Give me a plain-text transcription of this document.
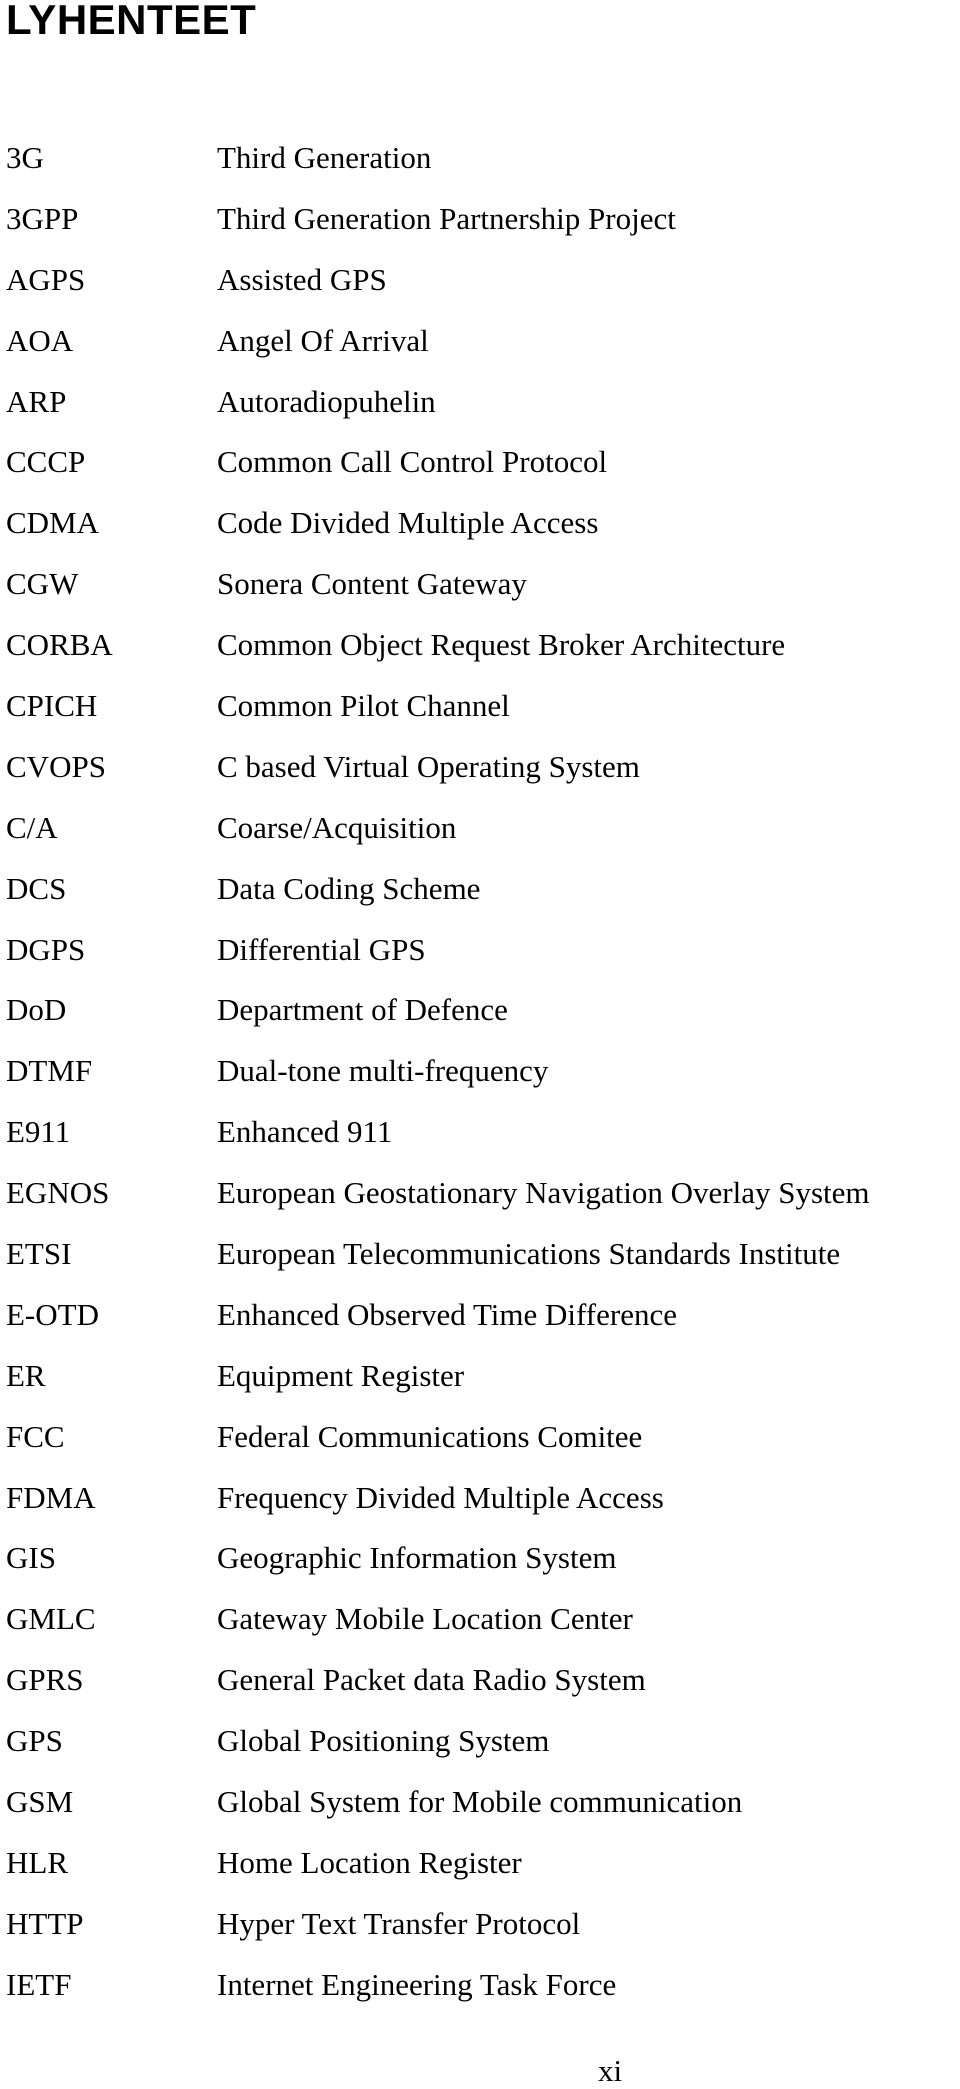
LYHENTEET
3G	Third Generation
3GPP	Third Generation Partnership Project
AGPS	Assisted GPS
AOA	Angel Of Arrival
ARP	Autoradiopuhelin
CCCP	Common Call Control Protocol
CDMA	Code Divided Multiple Access
CGW	Sonera Content Gateway
CORBA	Common Object Request Broker Architecture
CPICH	Common Pilot Channel
CVOPS	C based Virtual Operating System
C/A	Coarse/Acquisition
DCS	Data Coding Scheme
DGPS	Differential GPS
DoD	Department of Defence
DTMF	Dual-tone multi-frequency
E911	Enhanced 911
EGNOS	European Geostationary Navigation Overlay System
ETSI	European Telecommunications Standards Institute
E-OTD	Enhanced Observed Time Difference
ER	Equipment Register
FCC	Federal Communications Comitee
FDMA	Frequency Divided Multiple Access
GIS	Geographic Information System
GMLC	Gateway Mobile Location Center
GPRS	General Packet data Radio System
GPS	Global Positioning System
GSM	Global System for Mobile communication
HLR	Home Location Register
HTTP	Hyper Text Transfer Protocol
IETF	Internet Engineering Task Force
xi
